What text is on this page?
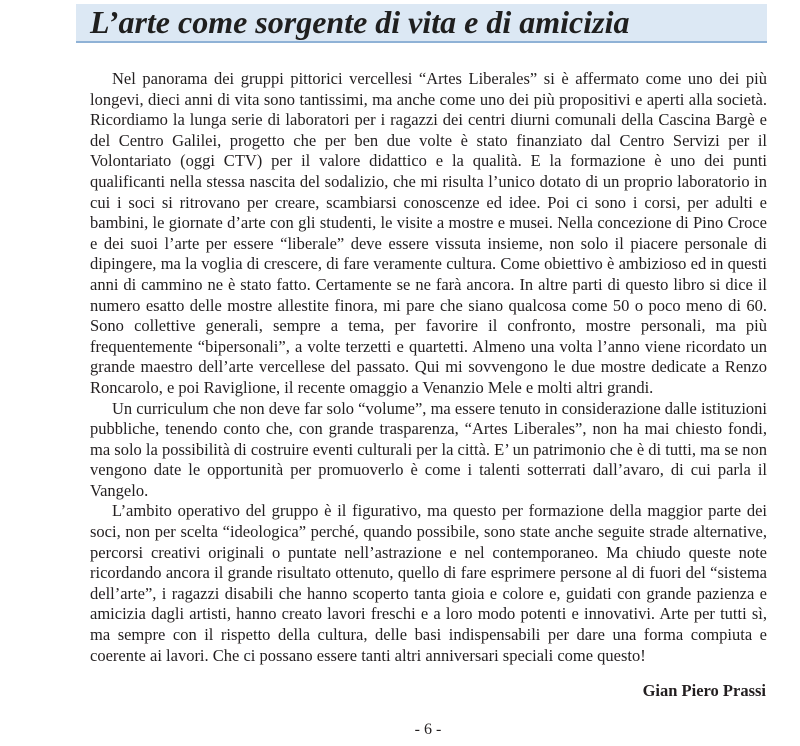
L’arte come sorgente di vita e di amicizia

Nel panorama dei gruppi pittorici vercellesi “Artes Liberales” si è affermato come uno dei più longevi, dieci anni di vita sono tantissimi, ma anche come uno dei più propositivi e aperti alla società. Ricordiamo la lunga serie di laboratori per i ragazzi dei centri diurni comunali della Cascina Bargè e del Centro Galilei, progetto che per ben due volte è stato finanziato dal Centro Servizi per il Volontariato (oggi CTV) per il valore didattico e la qualità. E la formazione è uno dei punti qualificanti nella stessa nascita del sodalizio, che mi risulta l’unico dotato di un proprio laboratorio in cui i soci si ritrovano per creare, scambiarsi conoscenze ed idee. Poi ci sono i corsi, per adulti e bambini, le giornate d’arte con gli studenti, le visite a mostre e musei. Nella concezione di Pino Croce e dei suoi l’arte per essere “liberale” deve essere vissuta insieme, non solo il piacere personale di dipingere, ma la voglia di crescere, di fare veramente cultura. Come obiettivo è ambizioso ed in questi anni di cammino ne è stato fatto. Certamente se ne farà ancora. In altre parti di questo libro si dice il numero esatto delle mostre allestite finora, mi pare che siano qualcosa come 50 o poco meno di 60. Sono collettive generali, sempre a tema, per favorire il confronto, mostre personali, ma più frequentemente “bipersonali”, a volte terzetti e quartetti. Almeno una volta l’anno viene ricordato un grande maestro dell’arte vercellese del passato. Qui mi sovvengono le due mostre dedicate a Renzo Roncarolo, e poi Raviglione, il recente omaggio a Venanzio Mele e molti altri grandi.

Un curriculum che non deve far solo “volume”, ma essere tenuto in considerazione dalle istituzioni pubbliche, tenendo conto che, con grande trasparenza, “Artes Liberales”, non ha mai chiesto fondi, ma solo la possibilità di costruire eventi culturali per la città. E’ un patrimonio che è di tutti, ma se non vengono date le opportunità per promuoverlo è come i talenti sotterrati dall’avaro, di cui parla il Vangelo.

L’ambito operativo del gruppo è il figurativo, ma questo per formazione della maggior parte dei soci, non per scelta “ideologica” perché, quando possibile, sono state anche seguite strade alternative, percorsi creativi originali o puntate nell’astrazione e nel contemporaneo. Ma chiudo queste note ricordando ancora il grande risultato ottenuto, quello di fare esprimere persone al di fuori del “sistema dell’arte”, i ragazzi disabili che hanno scoperto tanta gioia e colore e, guidati con grande pazienza e amicizia dagli artisti, hanno creato lavori freschi e a loro modo potenti e innovativi. Arte per tutti sì, ma sempre con il rispetto della cultura, delle basi indispensabili per dare una forma compiuta e coerente ai lavori. Che ci possano essere tanti altri anniversari speciali come questo!

Gian Piero Prassi
- 6 -
